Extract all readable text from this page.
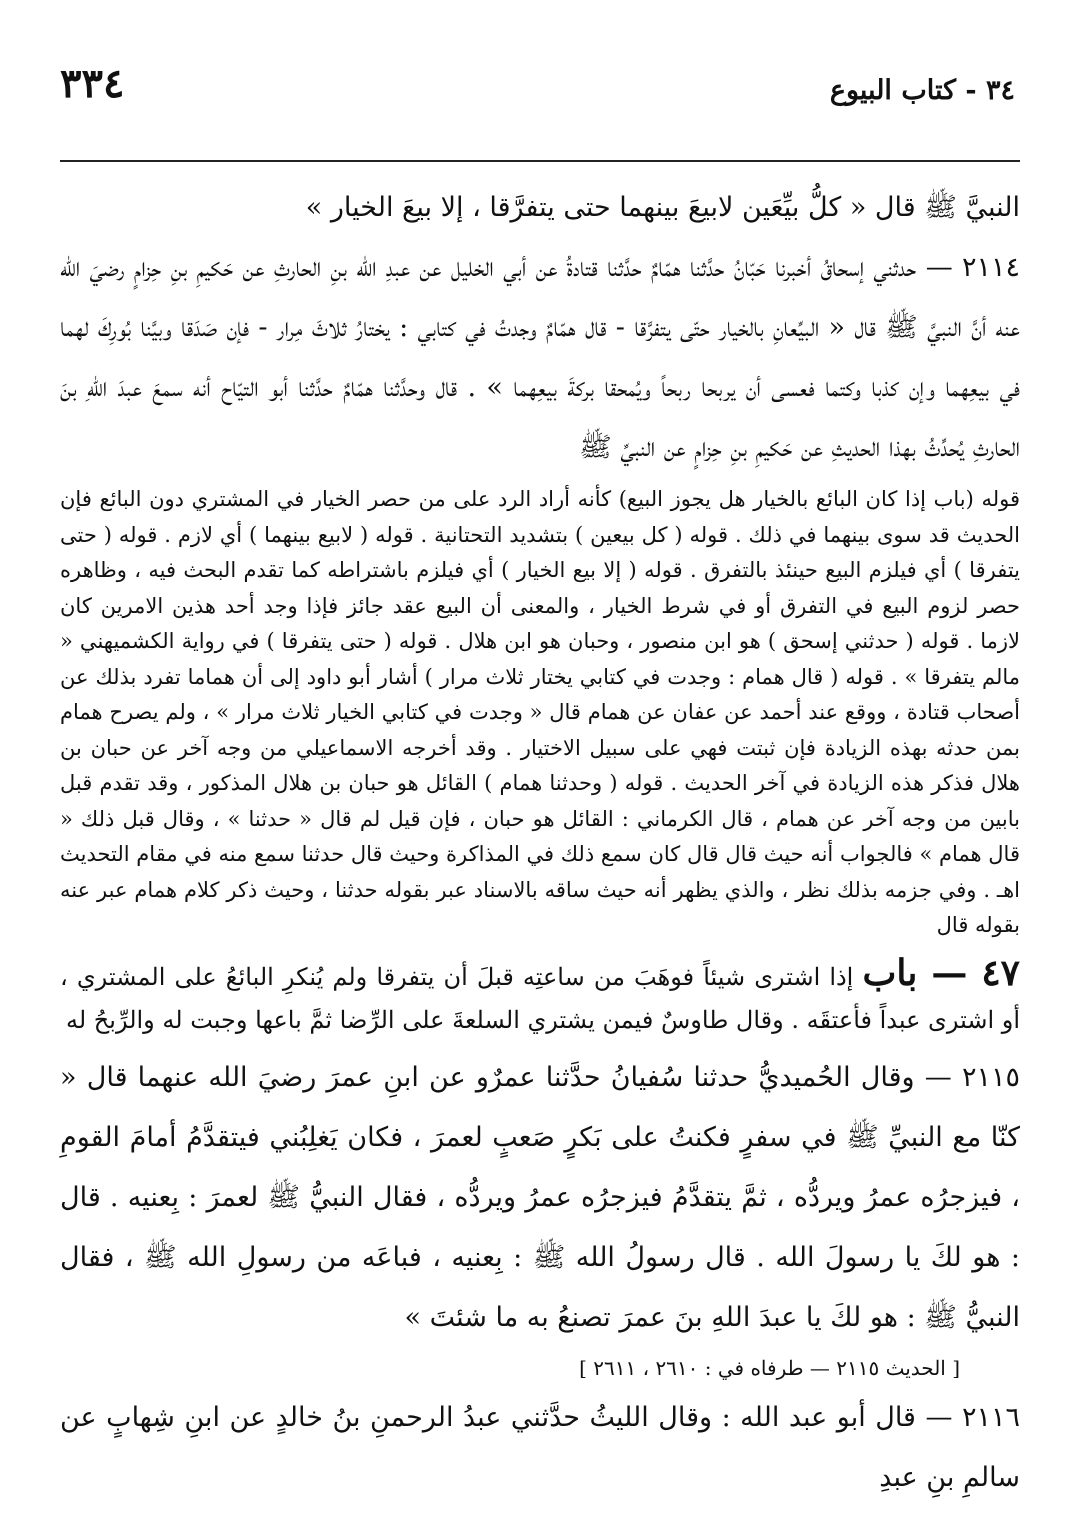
٣٣٤	٣٤ - كتاب البيوع

النبيَّ ﷺ قال « كلُّ بيِّعَين لابيعَ بينهما حتى يتفرَّقا ، إلا بيعَ الخيار »

٢١١٤ — حدثني إسحاقُ أخبرنا حَبّانُ حدَّثنا همّامٌ حدَّثنا قتادةُ عن أبي الخليل عن عبدِ الله بنِ الحارثِ عن حَكيمِ بنِ حِزامٍ رضيَ الله عنه أنَّ النبيَّ ﷺ قال « البيِّعانِ بالخيار حتّى يتفرَّقا - قال همّامٌ وجدتُ في كتابي : يختارُ ثلاثَ مِرار - فإن صَدَقا وبيَّنا بُورِكَ لهما في بيعِهما وإن كذبا وكتما فعسى أن يربحا ربحاً ويُمحقا بركةَ بيعِهما » . قال وحدَّثنا همّامٌ حدَّثنا أبو التيّاح أنه سمعَ عبدَ اللهِ بنَ الحارثِ يُحدِّثُ بهذا الحديثِ عن حَكيمِ بنِ حِزامٍ عن النبيِّ ﷺ

قوله (باب إذا كان البائع بالخيار هل يجوز البيع) كأنه أراد الرد على من حصر الخيار في المشتري دون البائع فإن الحديث قد سوى بينهما في ذلك . قوله ( كل بيعين ) بتشديد التحتانية . قوله ( لابيع بينهما ) أي لازم . قوله ( حتى يتفرقا ) أي فيلزم البيع حينئذ بالتفرق . قوله ( إلا بيع الخيار ) أي فيلزم باشتراطه كما تقدم البحث فيه ، وظاهره حصر لزوم البيع في التفرق أو في شرط الخيار ، والمعنى أن البيع عقد جائز فإذا وجد أحد هذين الامرين كان لازما . قوله ( حدثني إسحق ) هو ابن منصور ، وحبان هو ابن هلال . قوله ( حتى يتفرقا ) في رواية الكشميهني « مالم يتفرقا » . قوله ( قال همام : وجدت في كتابي يختار ثلاث مرار ) أشار أبو داود إلى أن هماما تفرد بذلك عن أصحاب قتادة ، ووقع عند أحمد عن عفان عن همام قال « وجدت في كتابي الخيار ثلاث مرار » ، ولم يصرح همام بمن حدثه بهذه الزيادة فإن ثبتت فهي على سبيل الاختيار . وقد أخرجه الاسماعيلي من وجه آخر عن حبان بن هلال فذكر هذه الزيادة في آخر الحديث . قوله ( وحدثنا همام ) القائل هو حبان بن هلال المذكور ، وقد تقدم قبل بابين من وجه آخر عن همام ، قال الكرماني : القائل هو حبان ، فإن قيل لم قال « حدثنا » ، وقال قبل ذلك « قال همام » فالجواب أنه حيث قال قال كان سمع ذلك في المذاكرة وحيث قال حدثنا سمع منه في مقام التحديث اهـ . وفي جزمه بذلك نظر ، والذي يظهر أنه حيث ساقه بالاسناد عبر بقوله حدثنا ، وحيث ذكر كلام همام عبر عنه بقوله قال

٤٧ — باب إذا اشترى شيئاً فوهَبَ من ساعتِه قبلَ أن يتفرقا ولم يُنكرِ البائعُ على المشتري ، أو اشترى عبداً فأعتقَه . وقال طاوسٌ فيمن يشتري السلعةَ على الرِّضا ثمَّ باعها وجبت له والرِّبحُ له

٢١١٥ — وقال الحُميديُّ حدثنا سُفيانُ حدَّثنا عمرٌو عن ابنِ عمرَ رضيَ الله عنهما قال « كنّا مع النبيِّ ﷺ في سفرٍ فكنتُ على بَكرٍ صَعبٍ لعمرَ ، فكان يَغلِبُني فيتقدَّمُ أمامَ القومِ ، فيزجرُه عمرُ ويردُّه ، ثمَّ يتقدَّمُ فيزجرُه عمرُ ويردُّه ، فقال النبيُّ ﷺ لعمرَ : بِعنيه . قال : هو لكَ يا رسولَ الله . قال رسولُ الله ﷺ : بِعنيه ، فباعَه من رسولِ الله ﷺ ، فقال النبيُّ ﷺ : هو لكَ يا عبدَ اللهِ بنَ عمرَ تصنعُ به ما شئتَ »

[ الحديث ٢١١٥ — طرفاه في : ٢٦١٠ ، ٢٦١١ ]

٢١١٦ — قال أبو عبد الله : وقال الليثُ حدَّثني عبدُ الرحمنِ بنُ خالدٍ عن ابنِ شِهابٍ عن سالمِ بنِ عبدِ
